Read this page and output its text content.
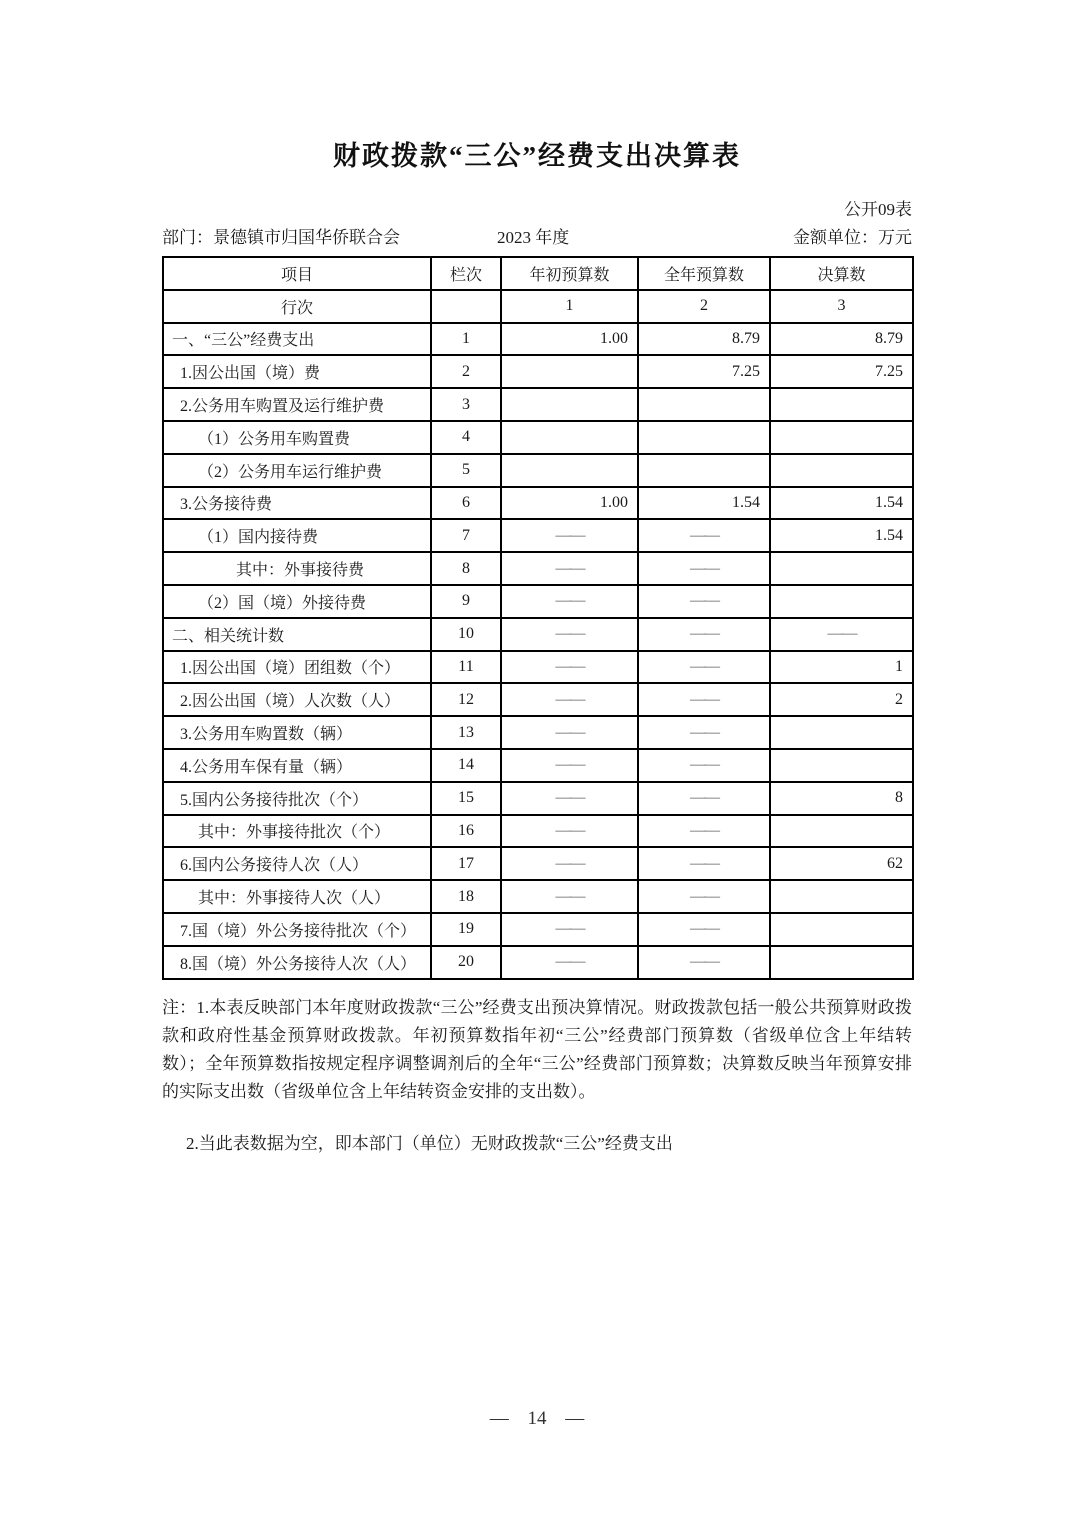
财政拨款“三公”经费支出决算表
公开09表
部门：景德镇市归国华侨联合会	2023 年度	金额单位：万元
项目	栏次	年初预算数	全年预算数	决算数
行次		1	2	3
一、“三公”经费支出	1	1.00	8.79	8.79
1.因公出国（境）费	2		7.25	7.25
2.公务用车购置及运行维护费	3			
（1）公务用车购置费	4			
（2）公务用车运行维护费	5			
3.公务接待费	6	1.00	1.54	1.54
（1）国内接待费	7	——	——	1.54
其中：外事接待费	8	——	——	
（2）国（境）外接待费	9	——	——	
二、相关统计数	10	——	——	——
1.因公出国（境）团组数（个）	11	——	——	1
2.因公出国（境）人次数（人）	12	——	——	2
3.公务用车购置数（辆）	13	——	——	
4.公务用车保有量（辆）	14	——	——	
5.国内公务接待批次（个）	15	——	——	8
其中：外事接待批次（个）	16	——	——	
6.国内公务接待人次（人）	17	——	——	62
其中：外事接待人次（人）	18	——	——	
7.国（境）外公务接待批次（个）	19	——	——	
8.国（境）外公务接待人次（人）	20	——	——	

注：1.本表反映部门本年度财政拨款“三公”经费支出预决算情况。财政拨款包括一般公共预算财政拨款和政府性基金预算财政拨款。年初预算数指年初“三公”经费部门预算数（省级单位含上年结转数）；全年预算数指按规定程序调整调剂后的全年“三公”经费部门预算数；决算数反映当年预算安排的实际支出数（省级单位含上年结转资金安排的支出数）。

2.当此表数据为空，即本部门（单位）无财政拨款“三公”经费支出

— 14 —
